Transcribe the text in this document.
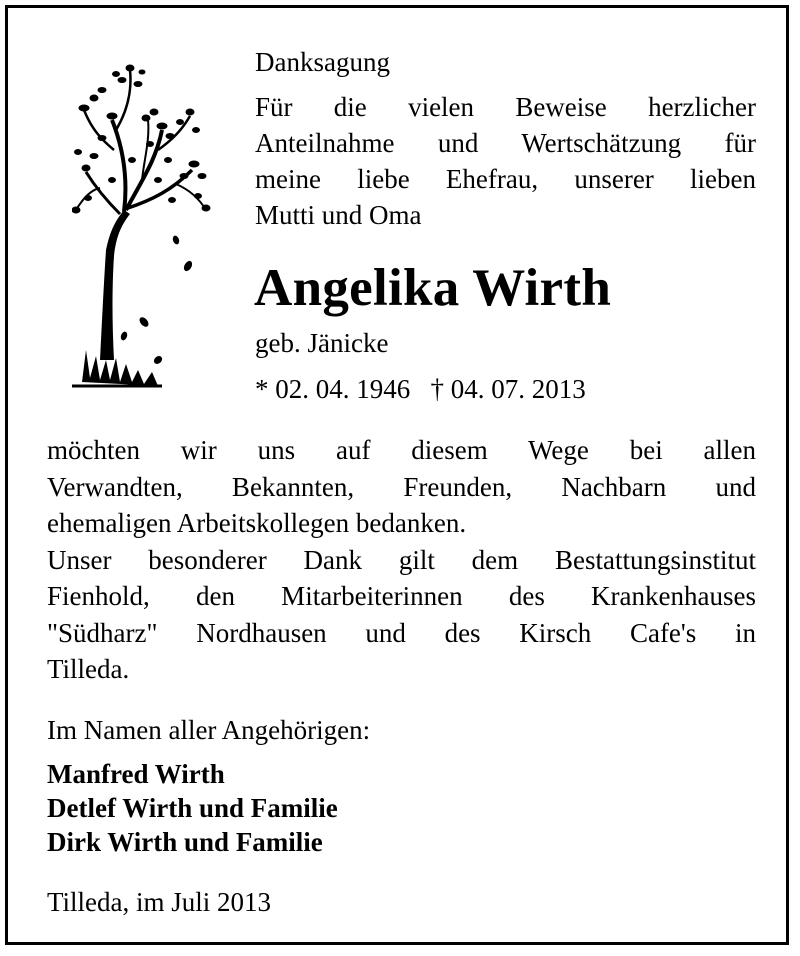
Danksagung
Für die vielen Beweise herzlicher
Anteilnahme und Wertschätzung für
meine liebe Ehefrau, unserer lieben
Mutti und Oma
Angelika Wirth
geb. Jänicke
* 02. 04. 1946   † 04. 07. 2013
möchten wir uns auf diesem Wege bei allen
Verwandten, Bekannten, Freunden, Nachbarn und
ehemaligen Arbeitskollegen bedanken.
Unser besonderer Dank gilt dem Bestattungsinstitut
Fienhold, den Mitarbeiterinnen des Krankenhauses
"Südharz" Nordhausen und des Kirsch Cafe's in
Tilleda.
Im Namen aller Angehörigen:
Manfred Wirth
Detlef Wirth und Familie
Dirk Wirth und Familie
Tilleda, im Juli 2013
